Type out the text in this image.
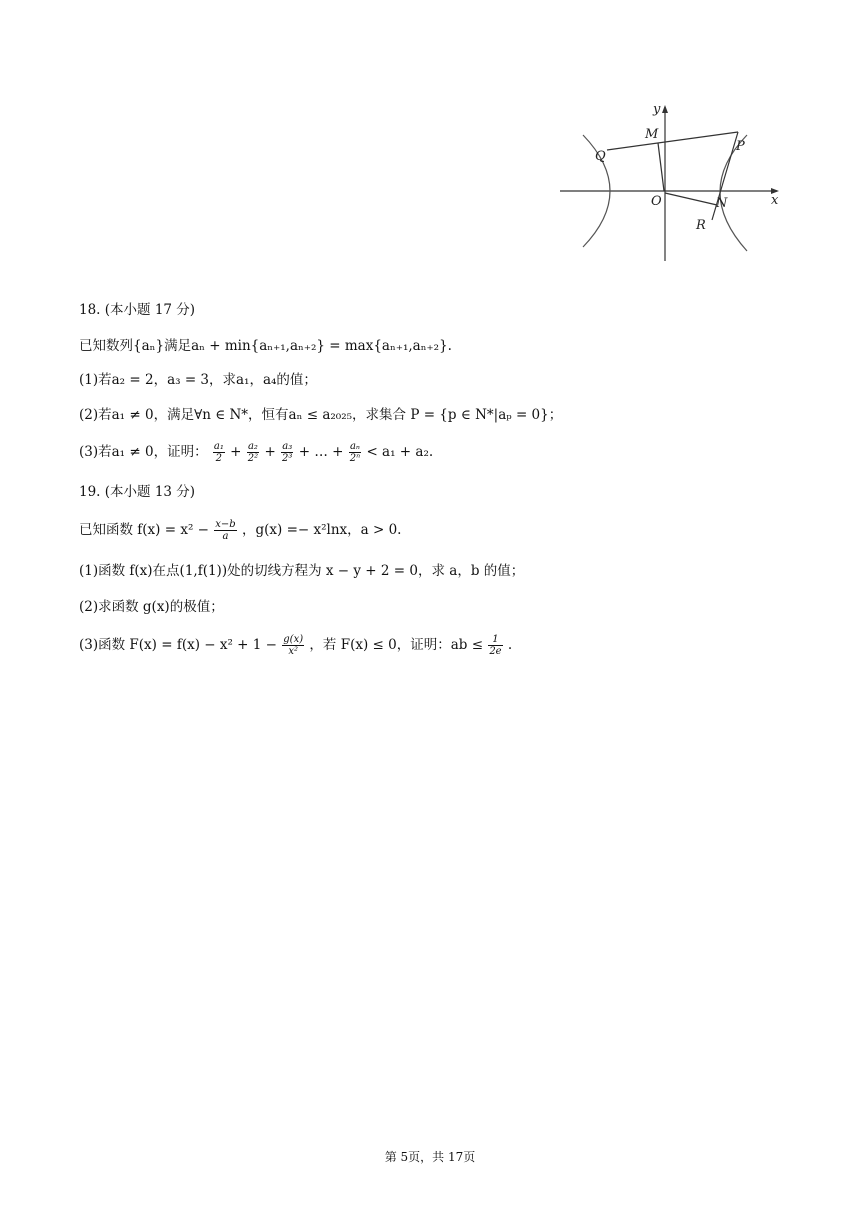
y
x
M
P
Q
O	N
R
18. (本小题 17 分)
已知数列{aₙ}满足aₙ + min{aₙ₊₁,aₙ₊₂} = max{aₙ₊₁,aₙ₊₂}.
(1)若a₂ = 2，a₃ = 3，求a₁，a₄的值；
(2)若a₁ ≠ 0，满足∀n ∈ N*，恒有aₙ ≤ a₂₀₂₅，求集合 P = {p ∈ N*|aₚ = 0}；
(3)若a₁ ≠ 0，证明： $\frac{\text{a₁}}{2} + \frac{\text{a₂}}{\text{2²}} + \frac{\text{a₃}}{\text{2³}}$ + … + $\frac{\text{aₙ}}{\text{2ⁿ}} < a_1 + a_2$.
19. (本小题 13 分)
已知函数 $f(x) = x^2 - \frac{x-b}{a}$ ，g(x) =− x²lnx，a > 0.
(1)函数 f(x)在点(1,f(1))处的切线方程为 x − y + 2 = 0，求 a，b 的值；
(2)求函数 g(x)的极值；
(3)函数 $F(x) = f(x) - x^2 + 1 - \frac{g(x)}{\text{x²}}$ ，若 F(x) ≤ 0，证明：ab ≤ $\frac{1}{2e}$ .
第 5页，共 17页
